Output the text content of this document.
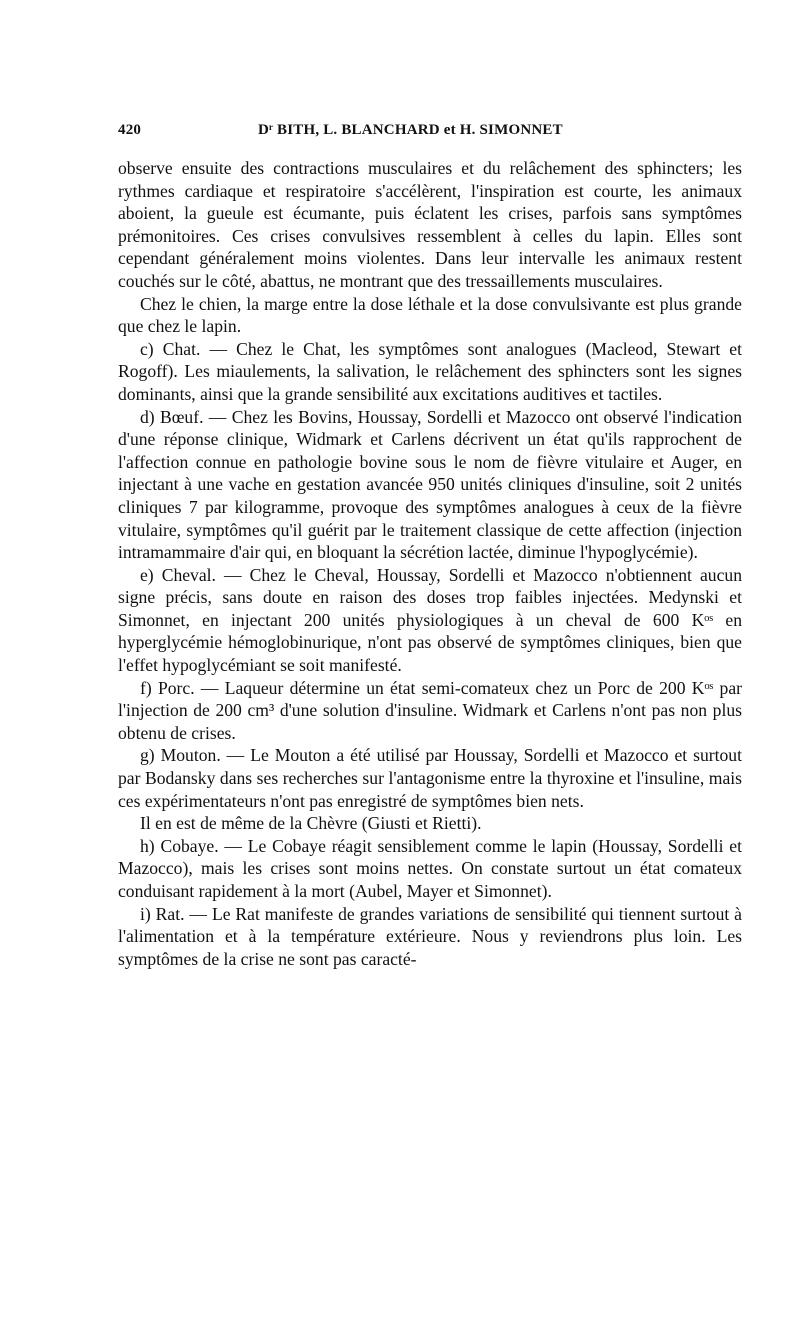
420	Dʳ BITH, L. BLANCHARD et H. SIMONNET

observe ensuite des contractions musculaires et du relâchement des sphincters; les rythmes cardiaque et respiratoire s'accélèrent, l'inspiration est courte, les animaux aboient, la gueule est écumante, puis éclatent les crises, parfois sans symptômes prémonitoires. Ces crises convulsives ressemblent à celles du lapin. Elles sont cependant généralement moins violentes. Dans leur intervalle les animaux restent couchés sur le côté, abattus, ne montrant que des tressaillements musculaires.

Chez le chien, la marge entre la dose léthale et la dose convulsivante est plus grande que chez le lapin.

c) Chat. — Chez le Chat, les symptômes sont analogues (Macleod, Stewart et Rogoff). Les miaulements, la salivation, le relâchement des sphincters sont les signes dominants, ainsi que la grande sensibilité aux excitations auditives et tactiles.

d) Bœuf. — Chez les Bovins, Houssay, Sordelli et Mazocco ont observé l'indication d'une réponse clinique, Widmark et Carlens décrivent un état qu'ils rapprochent de l'affection connue en pathologie bovine sous le nom de fièvre vitulaire et Auger, en injectant à une vache en gestation avancée 950 unités cliniques d'insuline, soit 2 unités cliniques 7 par kilogramme, provoque des symptômes analogues à ceux de la fièvre vitulaire, symptômes qu'il guérit par le traitement classique de cette affection (injection intramammaire d'air qui, en bloquant la sécrétion lactée, diminue l'hypoglycémie).

e) Cheval. — Chez le Cheval, Houssay, Sordelli et Mazocco n'obtiennent aucun signe précis, sans doute en raison des doses trop faibles injectées. Medynski et Simonnet, en injectant 200 unités physiologiques à un cheval de 600 Kᵒˢ en hyperglycémie hémoglobinurique, n'ont pas observé de symptômes cliniques, bien que l'effet hypoglycémiant se soit manifesté.

f) Porc. — Laqueur détermine un état semi-comateux chez un Porc de 200 Kᵒˢ par l'injection de 200 cm³ d'une solution d'insuline. Widmark et Carlens n'ont pas non plus obtenu de crises.

g) Mouton. — Le Mouton a été utilisé par Houssay, Sordelli et Mazocco et surtout par Bodansky dans ses recherches sur l'antagonisme entre la thyroxine et l'insuline, mais ces expérimentateurs n'ont pas enregistré de symptômes bien nets.

Il en est de même de la Chèvre (Giusti et Rietti).

h) Cobaye. — Le Cobaye réagit sensiblement comme le lapin (Houssay, Sordelli et Mazocco), mais les crises sont moins nettes. On constate surtout un état comateux conduisant rapidement à la mort (Aubel, Mayer et Simonnet).

i) Rat. — Le Rat manifeste de grandes variations de sensibilité qui tiennent surtout à l'alimentation et à la température extérieure. Nous y reviendrons plus loin. Les symptômes de la crise ne sont pas caracté-
